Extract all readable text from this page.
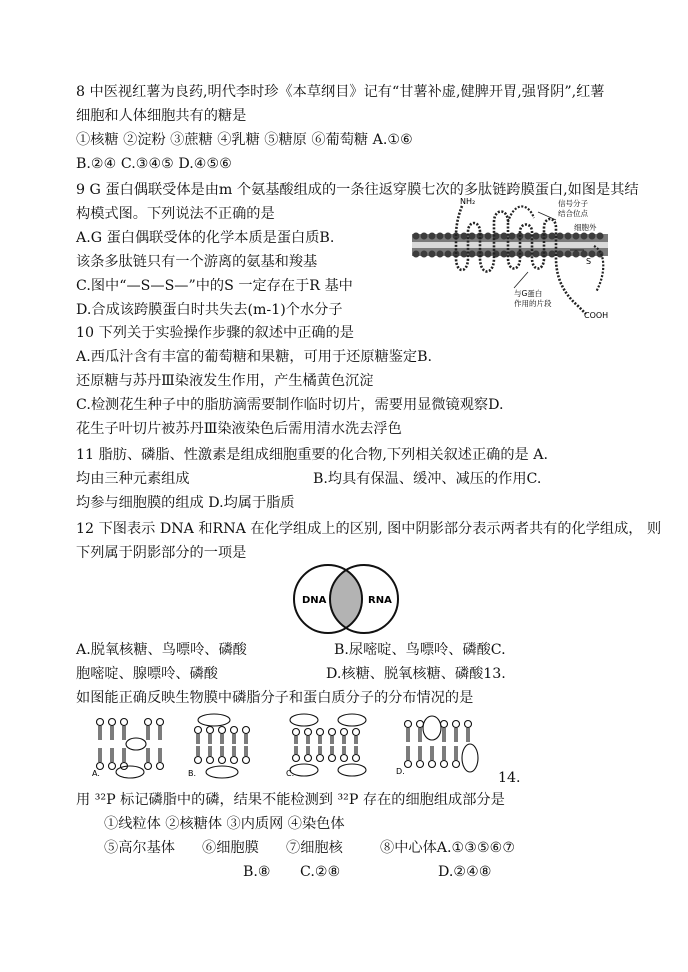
8 中医视红薯为良药,明代李时珍《本草纲目》记有“甘薯补虚,健脾开胃,强肾阴”,红薯
细胞和人体细胞共有的糖是
①核糖 ②淀粉 ③蔗糖 ④乳糖 ⑤糖原 ⑥葡萄糖 A.①⑥
B.②④ C.③④⑤ D.④⑤⑥
9 G 蛋白偶联受体是由m 个氨基酸组成的一条往返穿膜七次的多肽链跨膜蛋白,如图是其结
构模式图。下列说法不正确的是
A.G 蛋白偶联受体的化学本质是蛋白质B.
该条多肽链只有一个游离的氨基和羧基
C.图中“—S—S—”中的S 一定存在于R 基中
D.合成该跨膜蛋白时共失去(m-1)个水分子
NH₂	信号分子
结合位点
细胞外
S
与G蛋白
作用的片段
COOH
10 下列关于实验操作步骤的叙述中正确的是
A.西瓜汁含有丰富的葡萄糖和果糖，可用于还原糖鉴定B.
还原糖与苏丹Ⅲ染液发生作用，产生橘黄色沉淀
C.检测花生种子中的脂肪滴需要制作临时切片，需要用显微镜观察D.
花生子叶切片被苏丹Ⅲ染液染色后需用清水洗去浮色
11 脂肪、磷脂、性激素是组成细胞重要的化合物,下列相关叙述正确的是 A.
均由三种元素组成	B.均具有保温、缓冲、减压的作用C.
均参与细胞膜的组成 D.均属于脂质
12 下图表示 DNA 和RNA 在化学组成上的区别, 图中阴影部分表示两者共有的化学组成， 则
下列属于阴影部分的一项是
DNA	RNA
A.脱氧核糖、鸟嘌呤、磷酸	B.尿嘧啶、鸟嘌呤、磷酸C.
胞嘧啶、腺嘌呤、磷酸	D.核糖、脱氧核糖、磷酸13.
如图能正确反映生物膜中磷脂分子和蛋白质分子的分布情况的是
A.	B.	C.	D.	14.
用 ³²P 标记磷脂中的磷，结果不能检测到 ³²P 存在的细胞组成部分是
①线粒体 ②核糖体 ③内质网 ④染色体
⑤高尔基体 ⑥细胞膜 ⑦细胞核	⑧中心体A.①③⑤⑥⑦
B.⑧ C.②⑧	D.②④⑧
